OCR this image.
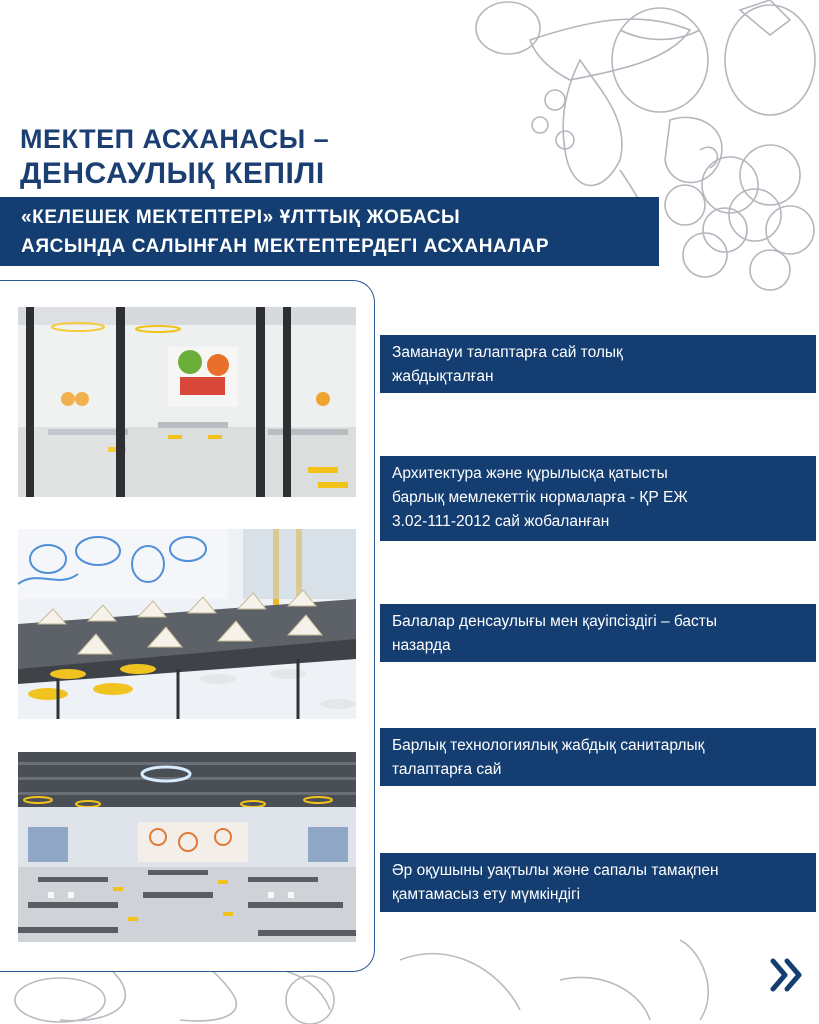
МЕКТЕП АСХАНАСЫ –
ДЕНСАУЛЫҚ КЕПІЛІ
«КЕЛЕШЕК МЕКТЕПТЕРІ» ҰЛТТЫҚ ЖОБАСЫ
АЯСЫНДА САЛЫНҒАН МЕКТЕПТЕРДЕГІ АСХАНАЛАР
Заманауи талаптарға сай толық
жабдықталған
Архитектура және құрылысқа қатысты
барлық мемлекеттік нормаларға - ҚР ЕЖ
3.02-111-2012 сай жобаланған
Балалар денсаулығы мен қауіпсіздігі – басты
назарда
Барлық технологиялық жабдық санитарлық
талаптарға сай
Әр оқушыны уақтылы және сапалы тамақпен
қамтамасыз ету мүмкіндігі
